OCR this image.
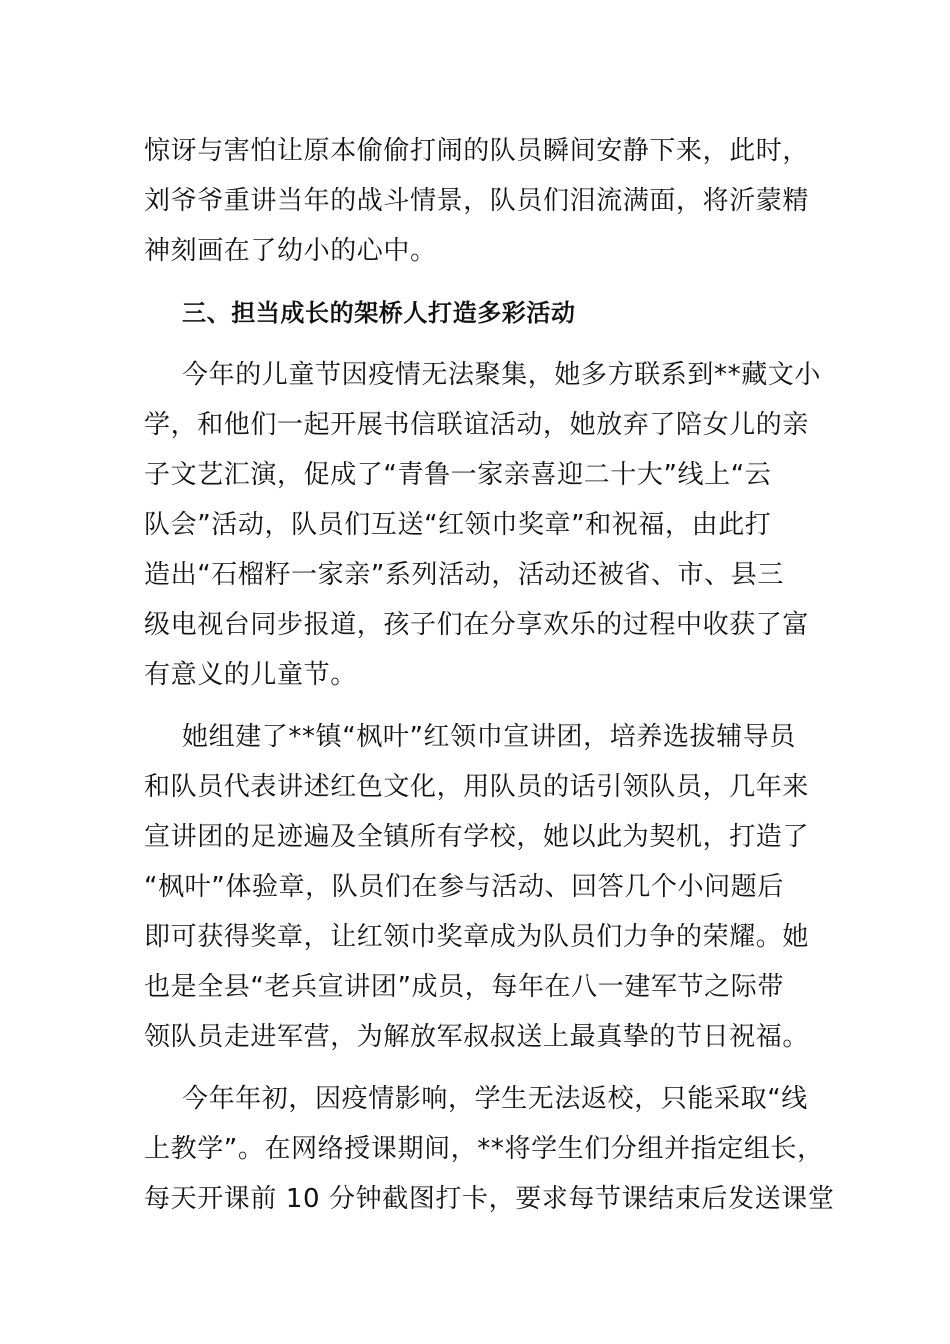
惊讶与害怕让原本偷偷打闹的队员瞬间安静下来，此时，
刘爷爷重讲当年的战斗情景，队员们泪流满面，将沂蒙精
神刻画在了幼小的心中。
三、担当成长的架桥人打造多彩活动
今年的儿童节因疫情无法聚集，她多方联系到**藏文小
学，和他们一起开展书信联谊活动，她放弃了陪女儿的亲
子文艺汇演，促成了“青鲁一家亲喜迎二十大”线上“云
队会”活动，队员们互送“红领巾奖章”和祝福，由此打
造出“石榴籽一家亲”系列活动，活动还被省、市、县三
级电视台同步报道，孩子们在分享欢乐的过程中收获了富
有意义的儿童节。
她组建了**镇“枫叶”红领巾宣讲团，培养选拔辅导员
和队员代表讲述红色文化，用队员的话引领队员，几年来
宣讲团的足迹遍及全镇所有学校，她以此为契机，打造了
“枫叶”体验章，队员们在参与活动、回答几个小问题后
即可获得奖章，让红领巾奖章成为队员们力争的荣耀。她
也是全县“老兵宣讲团”成员，每年在八一建军节之际带
领队员走进军营，为解放军叔叔送上最真挚的节日祝福。
今年年初，因疫情影响，学生无法返校，只能采取“线
上教学”。在网络授课期间，**将学生们分组并指定组长，
每天开课前 10 分钟截图打卡，要求每节课结束后发送课堂
